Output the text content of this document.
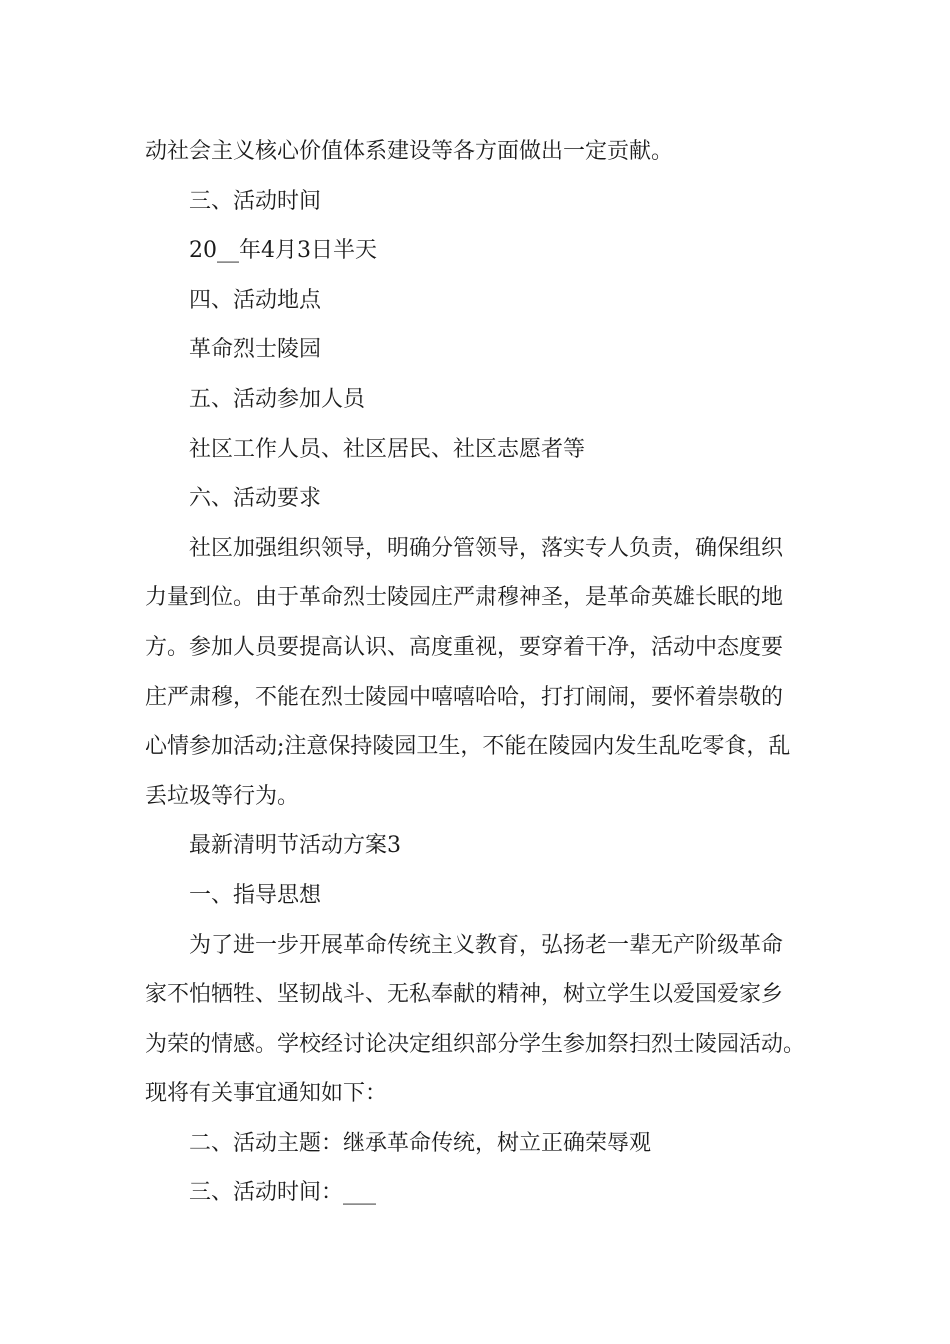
动社会主义核心价值体系建设等各方面做出一定贡献。
三、活动时间
20__年4月3日半天
四、活动地点
革命烈士陵园
五、活动参加人员
社区工作人员、社区居民、社区志愿者等
六、活动要求
社区加强组织领导，明确分管领导，落实专人负责，确保组织
力量到位。由于革命烈士陵园庄严肃穆神圣，是革命英雄长眠的地
方。参加人员要提高认识、高度重视，要穿着干净，活动中态度要
庄严肃穆，不能在烈士陵园中嘻嘻哈哈，打打闹闹，要怀着崇敬的
心情参加活动;注意保持陵园卫生，不能在陵园内发生乱吃零食，乱
丢垃圾等行为。
最新清明节活动方案3
一、指导思想
为了进一步开展革命传统主义教育，弘扬老一辈无产阶级革命
家不怕牺牲、坚韧战斗、无私奉献的精神，树立学生以爱国爱家乡
为荣的情感。学校经讨论决定组织部分学生参加祭扫烈士陵园活动。
现将有关事宜通知如下：
二、活动主题：继承革命传统，树立正确荣辱观
三、活动时间：___
